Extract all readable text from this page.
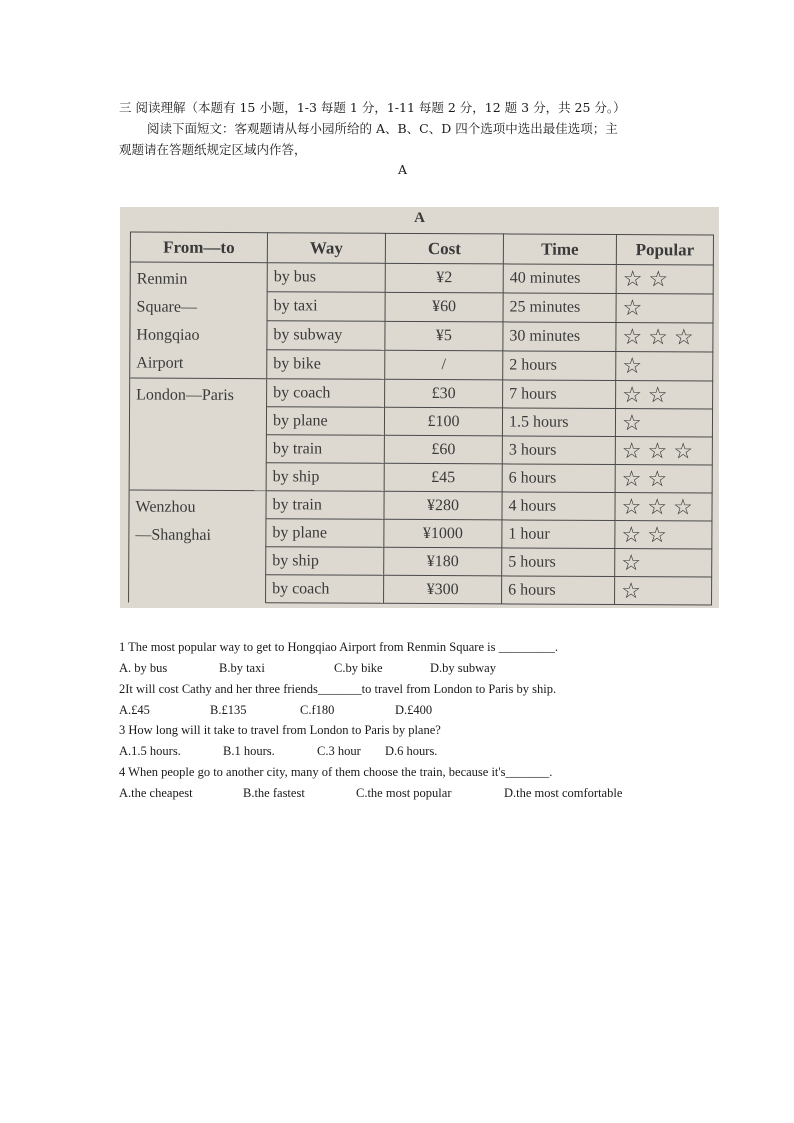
三 阅读理解（本题有 15 小题，1-3 每题 1 分，1-11 每题 2 分，12 题 3 分，共 25 分。）
阅读下面短文：客观题请从每小园所给的 A、B、C、D 四个选项中选出最佳选项；主
观题请在答题纸规定区域内作答，
A
A
From—to	Way	Cost	Time	Popular

Renmin
Square—
Hongqiao
Airport	by bus	¥2	40 minutes	☆☆
	by taxi	¥60	25 minutes	☆
	by subway	¥5	30 minutes	☆☆☆
	by bike	/	2 hours	☆

London—Paris	by coach	£30	7 hours	☆☆
	by plane	£100	1.5 hours	☆
	by train	£60	3 hours	☆☆☆
	by ship	£45	6 hours	☆☆

Wenzhou
—Shanghai	by train	¥280	4 hours	☆☆☆
	by plane	¥1000	1 hour	☆☆
	by ship	¥180	5 hours	☆
	by coach	¥300	6 hours	☆
1 The most popular way to get to Hongqiao Airport from Renmin Square is _________.
A. by bus	B.by taxi	C.by bike	D.by subway
2It will cost Cathy and her three friends_______to travel from London to Paris by ship.
A.£45	B.£135	C.f180	D.£400
3 How long will it take to travel from London to Paris by plane?
A.1.5 hours.	B.1 hours.	C.3 hour D.6 hours.
4 When people go to another city, many of them choose the train, because it's_______.
A.the cheapest	B.the fastest	C.the most popular	D.the most comfortable
